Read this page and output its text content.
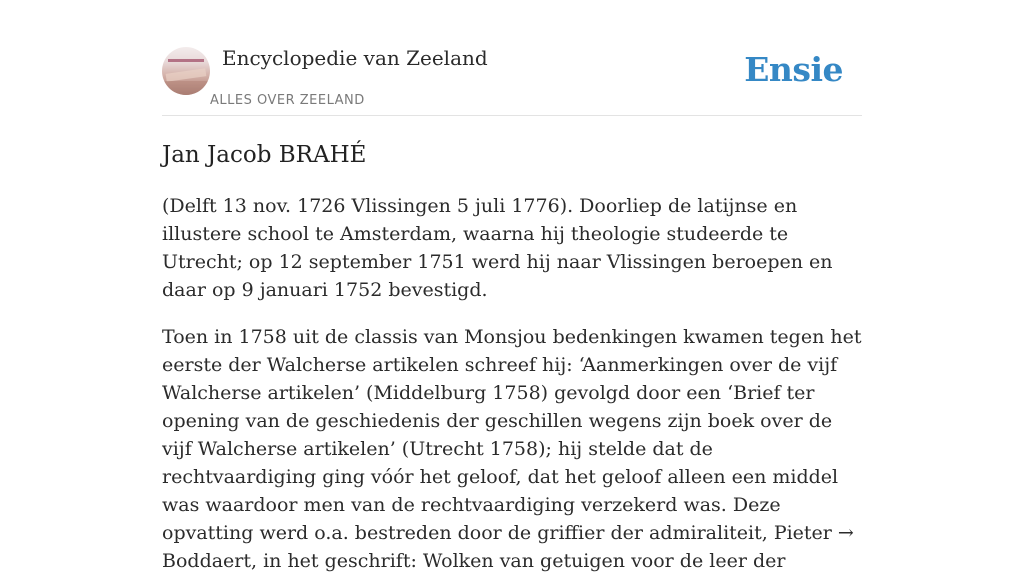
Encyclopedie van Zeeland
ALLES OVER ZEELAND
Ensie
Jan Jacob BRAHÉ

(Delft 13 nov. 1726 Vlissingen 5 juli 1776). Doorliep de latijnse en illustere school te Amsterdam, waarna hij theologie studeerde te Utrecht; op 12 september 1751 werd hij naar Vlissingen beroepen en daar op 9 januari 1752 bevestigd.

Toen in 1758 uit de classis van Monsjou bedenkingen kwamen tegen het eerste der Walcherse artikelen schreef hij: ‘Aanmerkingen over de vijf Walcherse artikelen’ (Middelburg 1758) gevolgd door een ‘Brief ter opening van de geschiedenis der geschillen wegens zijn boek over de vijf Walcherse artikelen’ (Utrecht 1758); hij stelde dat de rechtvaardiging ging vóór het geloof, dat het geloof alleen een middel was waardoor men van de rechtvaardiging verzekerd was. Deze opvatting werd o.a. bestreden door de griffier der admiraliteit, Pieter → Boddaert, in het geschrift: Wolken van getuigen voor de leer der
